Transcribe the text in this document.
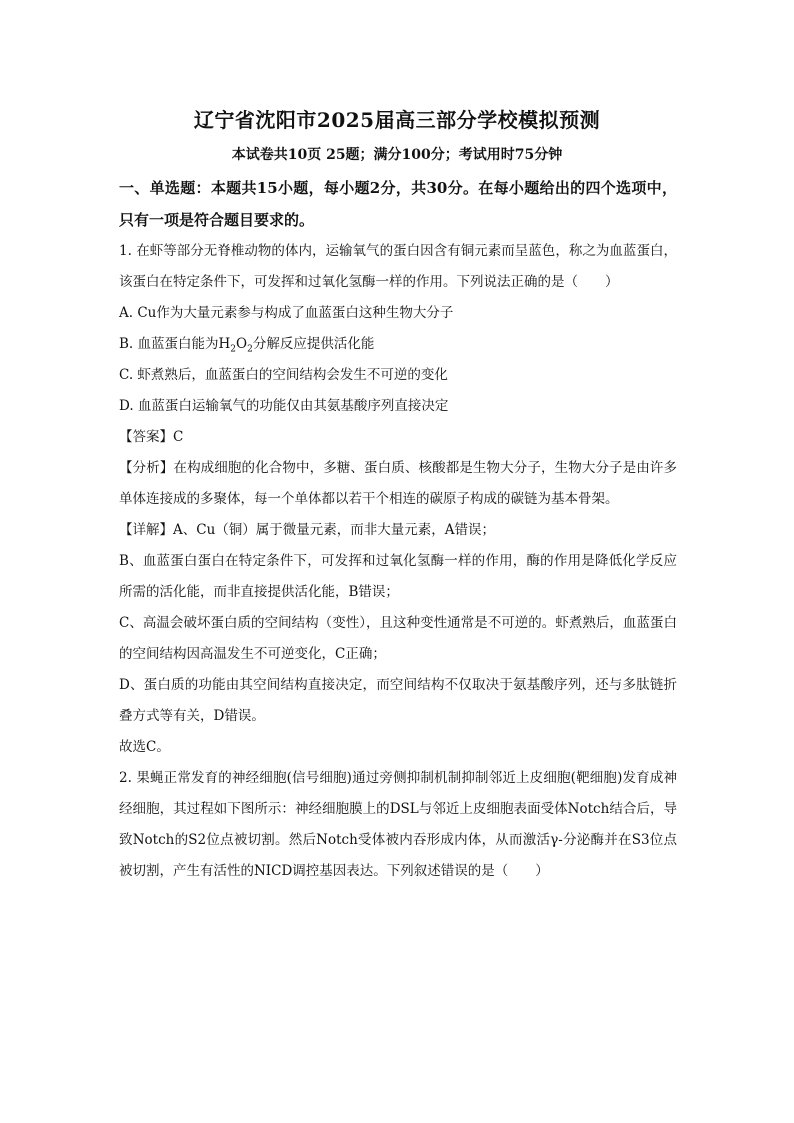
辽宁省沈阳市2025届高三部分学校模拟预测
本试卷共10页 25题；满分100分；考试用时75分钟
一、单选题：本题共15小题，每小题2分，共30分。在每小题给出的四个选项中，只有一项是符合题目要求的。

1. 在虾等部分无脊椎动物的体内，运输氧气的蛋白因含有铜元素而呈蓝色，称之为血蓝蛋白，该蛋白在特定条件下，可发挥和过氧化氢酶一样的作用。下列说法正确的是（　　）

A. Cu作为大量元素参与构成了血蓝蛋白这种生物大分子

B. 血蓝蛋白能为$H_2O_2$分解反应提供活化能

C. 虾煮熟后，血蓝蛋白的空间结构会发生不可逆的变化

D. 血蓝蛋白运输氧气的功能仅由其氨基酸序列直接决定

【答案】C

【分析】在构成细胞的化合物中，多糖、蛋白质、核酸都是生物大分子，生物大分子是由许多单体连接成的多聚体，每一个单体都以若干个相连的碳原子构成的碳链为基本骨架。

【详解】A、Cu（铜）属于微量元素，而非大量元素，A错误；

B、血蓝蛋白蛋白在特定条件下，可发挥和过氧化氢酶一样的作用，酶的作用是降低化学反应所需的活化能，而非直接提供活化能，B错误；

C、高温会破坏蛋白质的空间结构（变性），且这种变性通常是不可逆的。虾煮熟后，血蓝蛋白的空间结构因高温发生不可逆变化，C正确；

D、蛋白质的功能由其空间结构直接决定，而空间结构不仅取决于氨基酸序列，还与多肽链折叠方式等有关，D错误。

故选C。

2. 果蝇正常发育的神经细胞(信号细胞)通过旁侧抑制机制抑制邻近上皮细胞(靶细胞)发育成神经细胞，其过程如下图所示：神经细胞膜上的DSL与邻近上皮细胞表面受体Notch结合后，导致Notch的S2位点被切割。然后Notch受体被内吞形成内体，从而激活γ-分泌酶并在S3位点被切割，产生有活性的NICD调控基因表达。下列叙述错误的是（　　）
